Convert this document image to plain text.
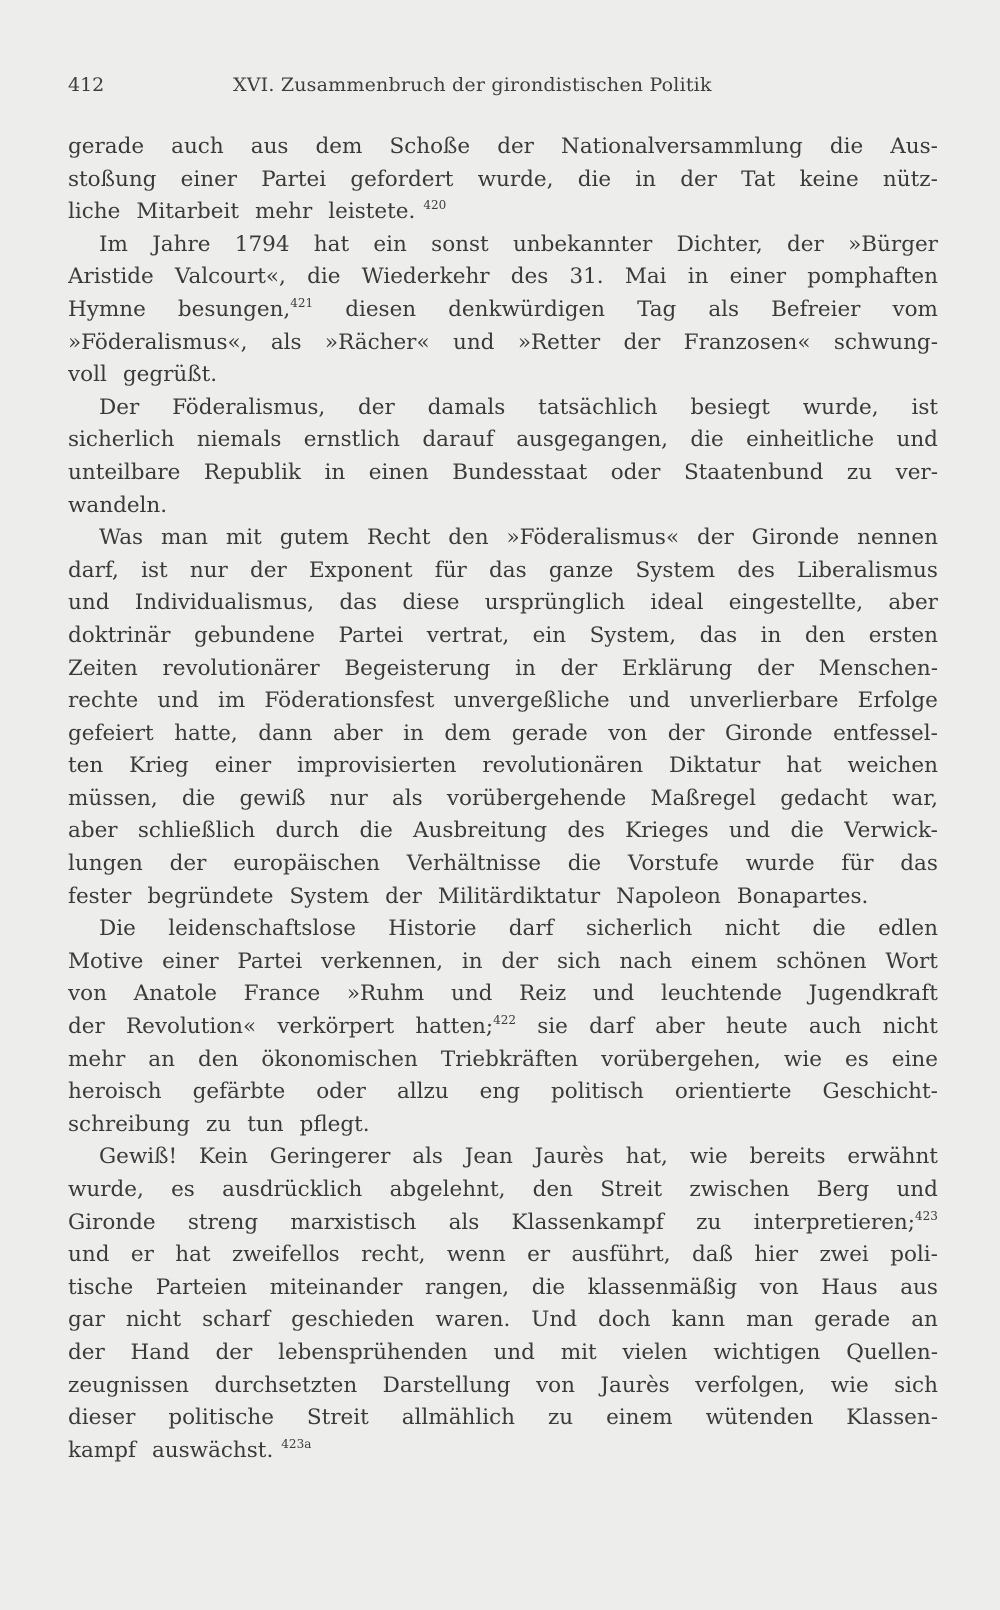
412	XVI. Zusammenbruch der girondistischen Politik
gerade auch aus dem Schoße der Nationalversammlung die Aus-
stoßung einer Partei gefordert wurde, die in der Tat keine nütz-
liche Mitarbeit mehr leistete. $^{420}$
Im Jahre 1794 hat ein sonst unbekannter Dichter, der »Bürger
Aristide Valcourt«, die Wiederkehr des 31. Mai in einer pomphaften
Hymne besungen,$^{421}$ diesen denkwürdigen Tag als Befreier vom
»Föderalismus«, als »Rächer« und »Retter der Franzosen« schwung-
voll gegrüßt.
Der Föderalismus, der damals tatsächlich besiegt wurde, ist
sicherlich niemals ernstlich darauf ausgegangen, die einheitliche und
unteilbare Republik in einen Bundesstaat oder Staatenbund zu ver-
wandeln.
Was man mit gutem Recht den »Föderalismus« der Gironde nennen
darf, ist nur der Exponent für das ganze System des Liberalismus
und Individualismus, das diese ursprünglich ideal eingestellte, aber
doktrinär gebundene Partei vertrat, ein System, das in den ersten
Zeiten revolutionärer Begeisterung in der Erklärung der Menschen-
rechte und im Föderationsfest unvergeßliche und unverlierbare Erfolge
gefeiert hatte, dann aber in dem gerade von der Gironde entfessel-
ten Krieg einer improvisierten revolutionären Diktatur hat weichen
müssen, die gewiß nur als vorübergehende Maßregel gedacht war,
aber schließlich durch die Ausbreitung des Krieges und die Verwick-
lungen der europäischen Verhältnisse die Vorstufe wurde für das
fester begründete System der Militärdiktatur Napoleon Bonapartes.
Die leidenschaftslose Historie darf sicherlich nicht die edlen
Motive einer Partei verkennen, in der sich nach einem schönen Wort
von Anatole France »Ruhm und Reiz und leuchtende Jugendkraft
der Revolution« verkörpert hatten;$^{422}$ sie darf aber heute auch nicht
mehr an den ökonomischen Triebkräften vorübergehen, wie es eine
heroisch gefärbte oder allzu eng politisch orientierte Geschicht-
schreibung zu tun pflegt.
Gewiß! Kein Geringerer als Jean Jaurès hat, wie bereits erwähnt
wurde, es ausdrücklich abgelehnt, den Streit zwischen Berg und
Gironde streng marxistisch als Klassenkampf zu interpretieren;$^{423}$
und er hat zweifellos recht, wenn er ausführt, daß hier zwei poli-
tische Parteien miteinander rangen, die klassenmäßig von Haus aus
gar nicht scharf geschieden waren. Und doch kann man gerade an
der Hand der lebensprühenden und mit vielen wichtigen Quellen-
zeugnissen durchsetzten Darstellung von Jaurès verfolgen, wie sich
dieser politische Streit allmählich zu einem wütenden Klassen-
kampf auswächst. $^{423a}$
